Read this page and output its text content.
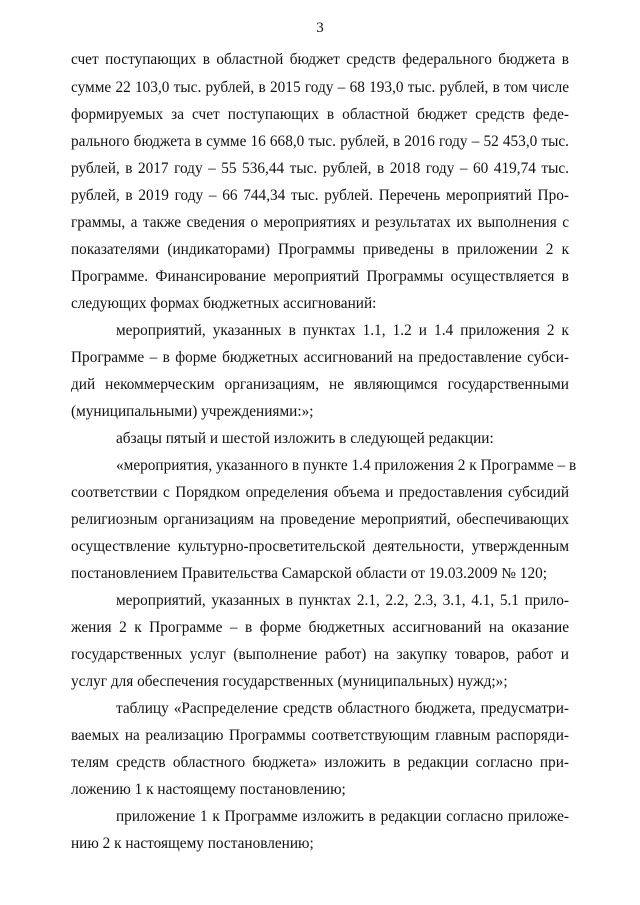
3
счет поступающих в областной бюджет средств федерального бюджета в
сумме 22 103,0 тыс. рублей, в 2015 году – 68 193,0 тыс. рублей, в том числе
формируемых за счет поступающих в областной бюджет средств феде-
рального бюджета в сумме 16 668,0 тыс. рублей, в 2016 году – 52 453,0 тыс.
рублей, в 2017 году – 55 536,44 тыс. рублей, в 2018 году – 60 419,74 тыс.
рублей, в 2019 году – 66 744,34 тыс. рублей. Перечень мероприятий Про-
граммы, а также сведения о мероприятиях и результатах их выполнения с
показателями (индикаторами) Программы приведены в приложении 2 к
Программе. Финансирование мероприятий Программы осуществляется в
следующих формах бюджетных ассигнований:
мероприятий, указанных в пунктах 1.1, 1.2 и 1.4 приложения 2 к
Программе – в форме бюджетных ассигнований на предоставление субси-
дий некоммерческим организациям, не являющимся государственными
(муниципальными) учреждениями:»;
абзацы пятый и шестой изложить в следующей редакции:
«мероприятия, указанного в пункте 1.4 приложения 2 к Программе – в
соответствии с Порядком определения объема и предоставления субсидий
религиозным организациям на проведение мероприятий, обеспечивающих
осуществление культурно-просветительской деятельности, утвержденным
постановлением Правительства Самарской области от 19.03.2009 № 120;
мероприятий, указанных в пунктах 2.1, 2.2, 2.3, 3.1, 4.1, 5.1 прило-
жения 2 к Программе – в форме бюджетных ассигнований на оказание
государственных услуг (выполнение работ) на закупку товаров, работ и
услуг для обеспечения государственных (муниципальных) нужд;»;
таблицу «Распределение средств областного бюджета, предусматри-
ваемых на реализацию Программы соответствующим главным распоряди-
телям средств областного бюджета» изложить в редакции согласно при-
ложению 1 к настоящему постановлению;
приложение 1 к Программе изложить в редакции согласно приложе-
нию 2 к настоящему постановлению;
